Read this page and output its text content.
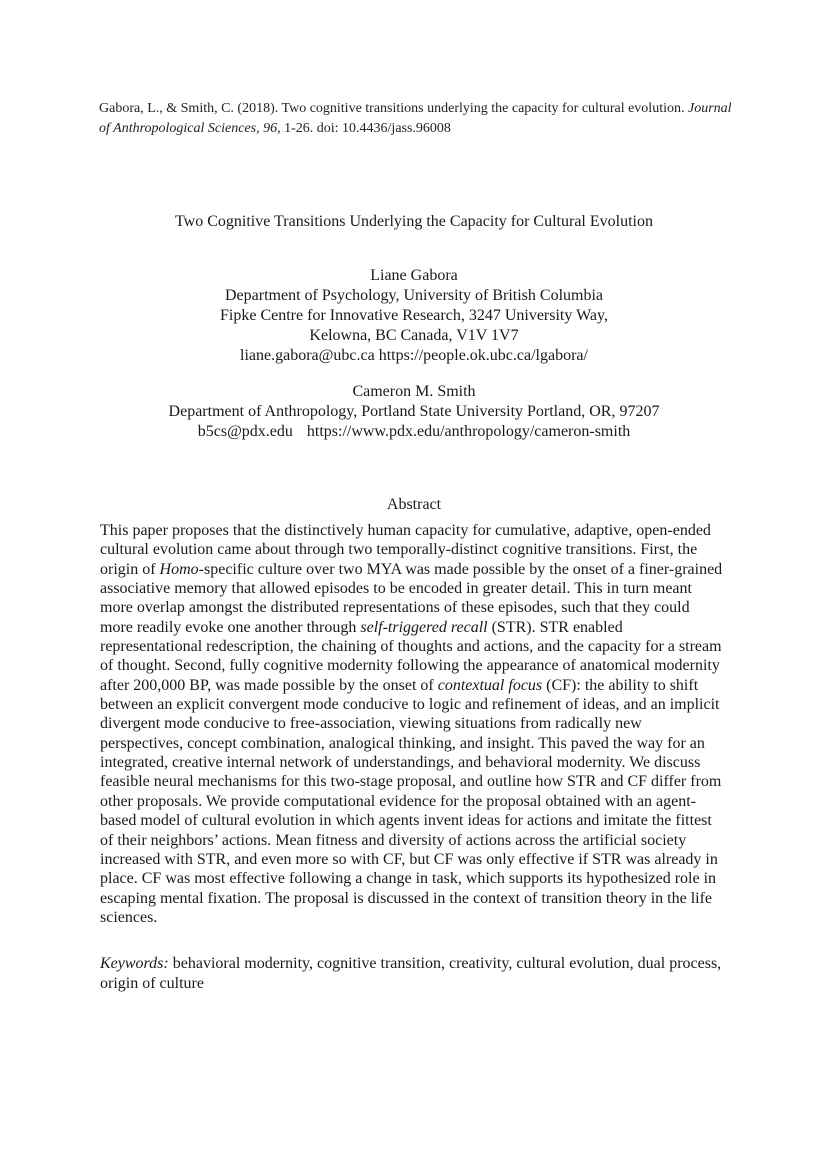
Gabora, L., & Smith, C. (2018). Two cognitive transitions underlying the capacity for cultural evolution. Journal of Anthropological Sciences, 96, 1-26. doi: 10.4436/jass.96008
Two Cognitive Transitions Underlying the Capacity for Cultural Evolution
Liane Gabora
Department of Psychology, University of British Columbia
Fipke Centre for Innovative Research, 3247 University Way,
Kelowna, BC Canada, V1V 1V7
liane.gabora@ubc.ca https://people.ok.ubc.ca/lgabora/
Cameron M. Smith
Department of Anthropology, Portland State University Portland, OR, 97207
b5cs@pdx.edu https://www.pdx.edu/anthropology/cameron-smith
Abstract
This paper proposes that the distinctively human capacity for cumulative, adaptive, open-ended cultural evolution came about through two temporally-distinct cognitive transitions. First, the origin of Homo-specific culture over two MYA was made possible by the onset of a finer-grained associative memory that allowed episodes to be encoded in greater detail. This in turn meant more overlap amongst the distributed representations of these episodes, such that they could more readily evoke one another through self-triggered recall (STR). STR enabled representational redescription, the chaining of thoughts and actions, and the capacity for a stream of thought. Second, fully cognitive modernity following the appearance of anatomical modernity after 200,000 BP, was made possible by the onset of contextual focus (CF): the ability to shift between an explicit convergent mode conducive to logic and refinement of ideas, and an implicit divergent mode conducive to free-association, viewing situations from radically new perspectives, concept combination, analogical thinking, and insight. This paved the way for an integrated, creative internal network of understandings, and behavioral modernity. We discuss feasible neural mechanisms for this two-stage proposal, and outline how STR and CF differ from other proposals. We provide computational evidence for the proposal obtained with an agent-based model of cultural evolution in which agents invent ideas for actions and imitate the fittest of their neighbors’ actions. Mean fitness and diversity of actions across the artificial society increased with STR, and even more so with CF, but CF was only effective if STR was already in place. CF was most effective following a change in task, which supports its hypothesized role in escaping mental fixation. The proposal is discussed in the context of transition theory in the life sciences.
Keywords: behavioral modernity, cognitive transition, creativity, cultural evolution, dual process, origin of culture
